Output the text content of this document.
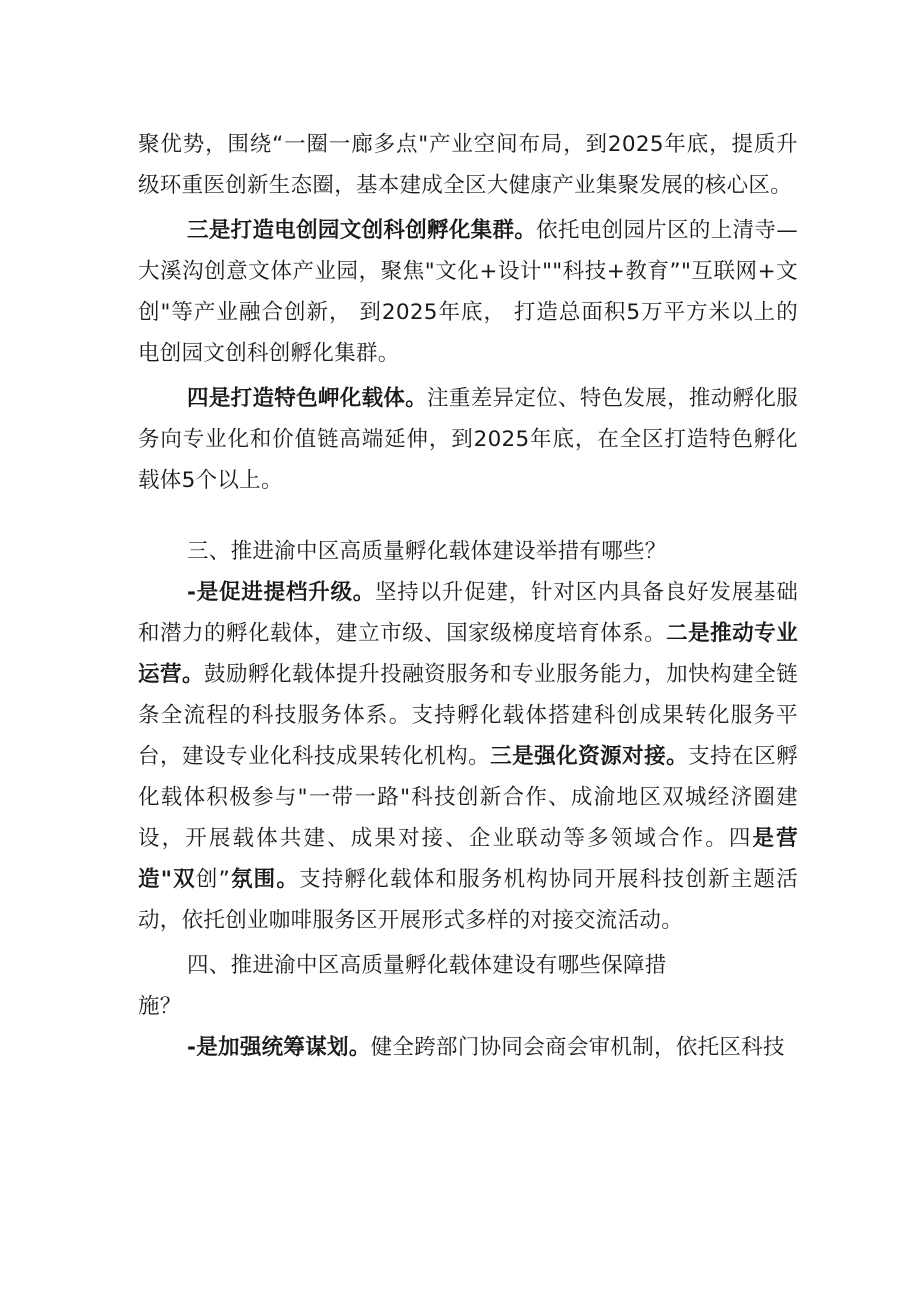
聚优势，围绕“一圈一廊多点"产业空间布局，到2025年底，提质升级环重医创新生态圈，基本建成全区大健康产业集聚发展的核心区。

三是打造电创园文创科创孵化集群。依托电创园片区的上清寺—大溪沟创意文体产业园，聚焦"文化+设计""科技+教育”"互联网+文创"等产业融合创新， 到2025年底， 打造总面积5万平方米以上的电创园文创科创孵化集群。

四是打造特色岬化载体。注重差异定位、特色发展，推动孵化服务向专业化和价值链高端延伸，到2025年底，在全区打造特色孵化载体5个以上。

三、推进渝中区高质量孵化载体建设举措有哪些？

-是促进提档升级。坚持以升促建，针对区内具备良好发展基础和潜力的孵化载体，建立市级、国家级梯度培育体系。二是推动专业运营。鼓励孵化载体提升投融资服务和专业服务能力，加快构建全链条全流程的科技服务体系。支持孵化载体搭建科创成果转化服务平台，建设专业化科技成果转化机构。三是强化资源对接。支持在区孵化载体积极参与"一带一路"科技创新合作、成渝地区双城经济圈建设，开展载体共建、成果对接、企业联动等多领域合作。四是营造"双创”氛围。支持孵化载体和服务机构协同开展科技创新主题活动，依托创业咖啡服务区开展形式多样的对接交流活动。

四、推进渝中区高质量孵化载体建设有哪些保障措

施？

-是加强统筹谋划。健全跨部门协同会商会审机制，依托区科技
